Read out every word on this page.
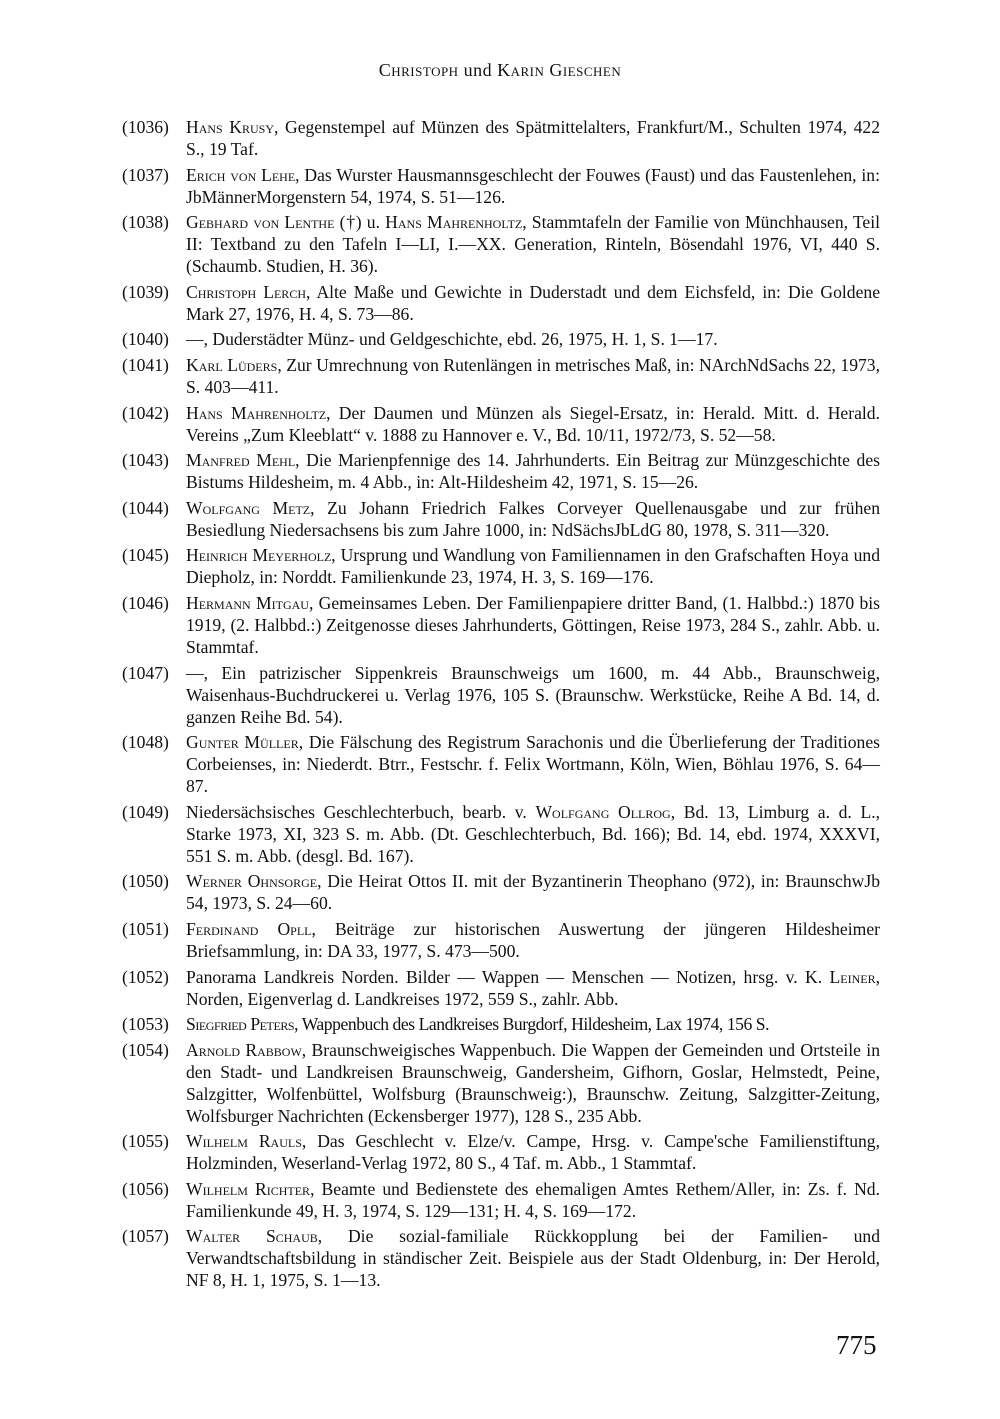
Christoph und Karin Gieschen
(1036) Hans Krusy, Gegenstempel auf Münzen des Spätmittelalters, Frankfurt/M., Schulten 1974, 422 S., 19 Taf.
(1037) Erich von Lehe, Das Wurster Hausmannsgeschlecht der Fouwes (Faust) und das Faustenlehen, in: JbMännerMorgenstern 54, 1974, S. 51—126.
(1038) Gebhard von Lenthe (†) u. Hans Mahrenholtz, Stammtafeln der Familie von Münchhausen, Teil II: Textband zu den Tafeln I—LI, I.—XX. Generation, Rinteln, Bösendahl 1976, VI, 440 S. (Schaumb. Studien, H. 36).
(1039) Christoph Lerch, Alte Maße und Gewichte in Duderstadt und dem Eichsfeld, in: Die Goldene Mark 27, 1976, H. 4, S. 73—86.
(1040) —, Duderstädter Münz- und Geldgeschichte, ebd. 26, 1975, H. 1, S. 1—17.
(1041) Karl Lüders, Zur Umrechnung von Rutenlängen in metrisches Maß, in: NArchNdSachs 22, 1973, S. 403—411.
(1042) Hans Mahrenholtz, Der Daumen und Münzen als Siegel-Ersatz, in: Herald. Mitt. d. Herald. Vereins „Zum Kleeblatt“ v. 1888 zu Hannover e. V., Bd. 10/11, 1972/73, S. 52—58.
(1043) Manfred Mehl, Die Marienpfennige des 14. Jahrhunderts. Ein Beitrag zur Münzgeschichte des Bistums Hildesheim, m. 4 Abb., in: Alt-Hildesheim 42, 1971, S. 15—26.
(1044) Wolfgang Metz, Zu Johann Friedrich Falkes Corveyer Quellenausgabe und zur frühen Besiedlung Niedersachsens bis zum Jahre 1000, in: NdSächsJbLdG 80, 1978, S. 311—320.
(1045) Heinrich Meyerholz, Ursprung und Wandlung von Familiennamen in den Grafschaften Hoya und Diepholz, in: Norddt. Familienkunde 23, 1974, H. 3, S. 169—176.
(1046) Hermann Mitgau, Gemeinsames Leben. Der Familienpapiere dritter Band, (1. Halbbd.:) 1870 bis 1919, (2. Halbbd.:) Zeitgenosse dieses Jahrhunderts, Göttingen, Reise 1973, 284 S., zahlr. Abb. u. Stammtaf.
(1047) —, Ein patrizischer Sippenkreis Braunschweigs um 1600, m. 44 Abb., Braunschweig, Waisenhaus-Buchdruckerei u. Verlag 1976, 105 S. (Braunschw. Werkstücke, Reihe A Bd. 14, d. ganzen Reihe Bd. 54).
(1048) Gunter Müller, Die Fälschung des Registrum Sarachonis und die Überlieferung der Traditiones Corbeienses, in: Niederdt. Btrr., Festschr. f. Felix Wortmann, Köln, Wien, Böhlau 1976, S. 64—87.
(1049) Niedersächsisches Geschlechterbuch, bearb. v. Wolfgang Ollrog, Bd. 13, Limburg a. d. L., Starke 1973, XI, 323 S. m. Abb. (Dt. Geschlechterbuch, Bd. 166); Bd. 14, ebd. 1974, XXXVI, 551 S. m. Abb. (desgl. Bd. 167).
(1050) Werner Ohnsorge, Die Heirat Ottos II. mit der Byzantinerin Theophano (972), in: BraunschwJb 54, 1973, S. 24—60.
(1051) Ferdinand Opll, Beiträge zur historischen Auswertung der jüngeren Hildesheimer Briefsammlung, in: DA 33, 1977, S. 473—500.
(1052) Panorama Landkreis Norden. Bilder — Wappen — Menschen — Notizen, hrsg. v. K. Leiner, Norden, Eigenverlag d. Landkreises 1972, 559 S., zahlr. Abb.
(1053) Siegfried Peters, Wappenbuch des Landkreises Burgdorf, Hildesheim, Lax 1974, 156 S.
(1054) Arnold Rabbow, Braunschweigisches Wappenbuch. Die Wappen der Gemeinden und Ortsteile in den Stadt- und Landkreisen Braunschweig, Gandersheim, Gifhorn, Goslar, Helmstedt, Peine, Salzgitter, Wolfenbüttel, Wolfsburg (Braunschweig:), Braunschw. Zeitung, Salzgitter-Zeitung, Wolfsburger Nachrichten (Eckensberger 1977), 128 S., 235 Abb.
(1055) Wilhelm Rauls, Das Geschlecht v. Elze/v. Campe, Hrsg. v. Campe'sche Familienstiftung, Holzminden, Weserland-Verlag 1972, 80 S., 4 Taf. m. Abb., 1 Stammtaf.
(1056) Wilhelm Richter, Beamte und Bedienstete des ehemaligen Amtes Rethem/Aller, in: Zs. f. Nd. Familienkunde 49, H. 3, 1974, S. 129—131; H. 4, S. 169—172.
(1057) Walter Schaub, Die sozial-familiale Rückkopplung bei der Familien- und Verwandtschaftsbildung in ständischer Zeit. Beispiele aus der Stadt Oldenburg, in: Der Herold, NF 8, H. 1, 1975, S. 1—13.
775
